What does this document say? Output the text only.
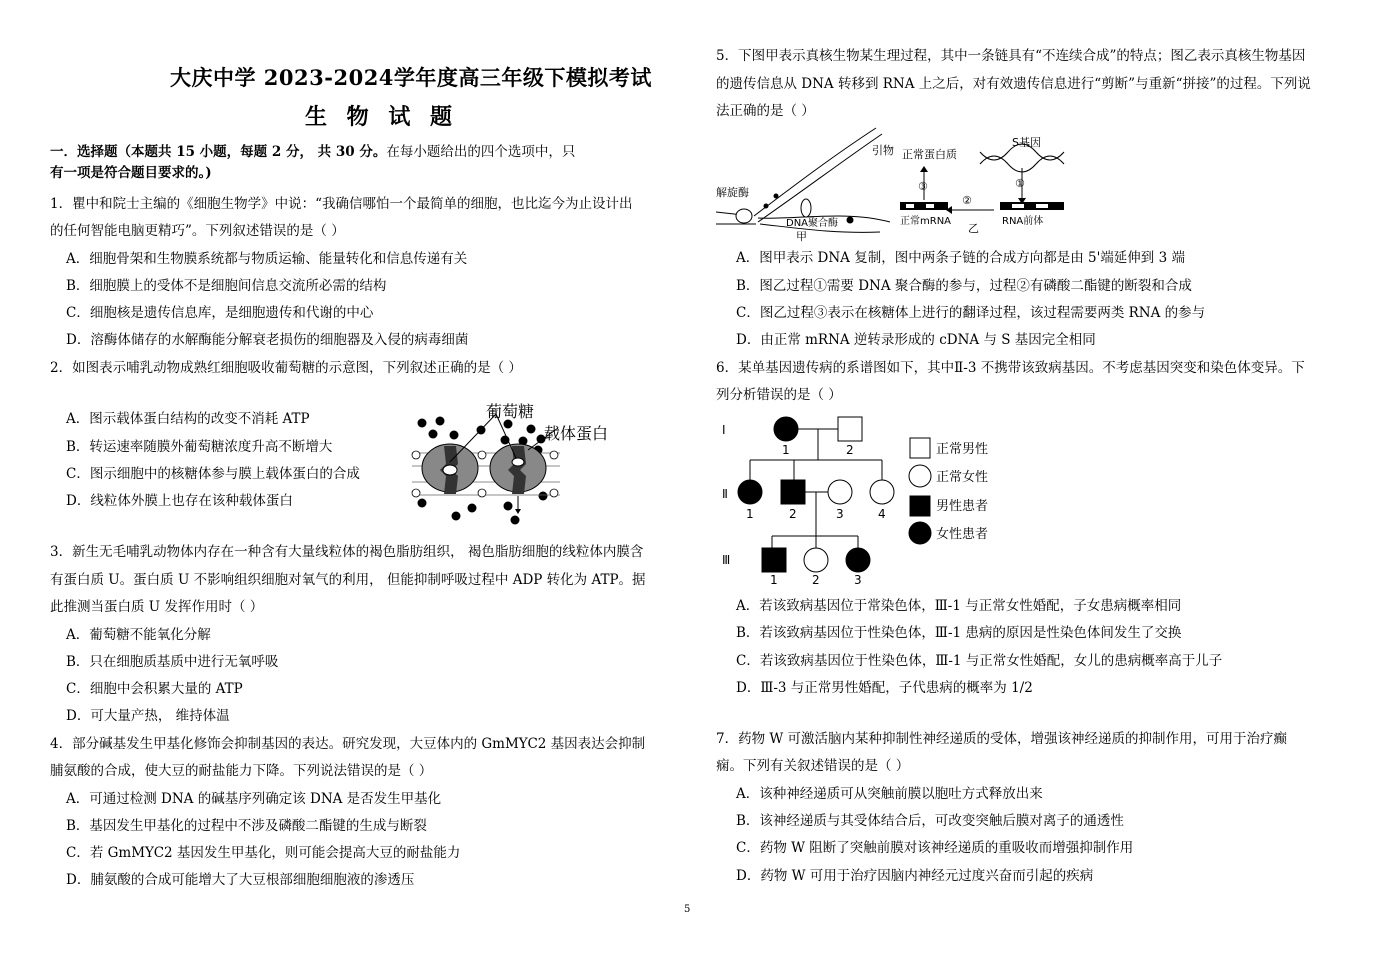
大庆中学 2023-2024学年度高三年级下模拟考试
生 物 试 题
一．选择题（本题共 15 小题，每题 2 分， 共 30 分。在每小题给出的四个选项中，只
有一项是符合题目要求的。)
1．瞿中和院士主编的《细胞生物学》中说：“我确信哪怕一个最简单的细胞，也比迄今为止设计出
的任何智能电脑更精巧”。下列叙述错误的是（ ）
A．细胞骨架和生物膜系统都与物质运输、能量转化和信息传递有关
B．细胞膜上的受体不是细胞间信息交流所必需的结构
C．细胞核是遗传信息库，是细胞遗传和代谢的中心
D．溶酶体储存的水解酶能分解衰老损伤的细胞器及入侵的病毒细菌
2．如图表示哺乳动物成熟红细胞吸收葡萄糖的示意图，下列叙述正确的是（ ）
A．图示载体蛋白结构的改变不消耗 ATP
B．转运速率随膜外葡萄糖浓度升高不断增大
C．图示细胞中的核糖体参与膜上载体蛋白的合成
D．线粒体外膜上也存在该种载体蛋白
3．新生无毛哺乳动物体内存在一种含有大量线粒体的褐色脂肪组织， 褐色脂肪细胞的线粒体内膜含
有蛋白质 U。蛋白质 U 不影响组织细胞对氧气的利用， 但能抑制呼吸过程中 ADP 转化为 ATP。据
此推测当蛋白质 U 发挥作用时（ ）
A．葡萄糖不能氧化分解
B．只在细胞质基质中进行无氧呼吸
C．细胞中会积累大量的 ATP
D．可大量产热， 维持体温
4．部分碱基发生甲基化修饰会抑制基因的表达。研究发现，大豆体内的 GmMYC2 基因表达会抑制
脯氨酸的合成，使大豆的耐盐能力下降。下列说法错误的是（ ）
A．可通过检测 DNA 的碱基序列确定该 DNA 是否发生甲基化
B．基因发生甲基化的过程中不涉及磷酸二酯键的生成与断裂
C．若 GmMYC2 基因发生甲基化，则可能会提高大豆的耐盐能力
D．脯氨酸的合成可能增大了大豆根部细胞细胞液的渗透压
葡萄糖
载体蛋白
5．下图甲表示真核生物某生理过程，其中一条链具有“不连续合成”的特点；图乙表示真核生物基因
的遗传信息从 DNA 转移到 RNA 上之后，对有效遗传信息进行“剪断”与重新“拼接”的过程。下列说
法正确的是（ ）
A．图甲表示 DNA 复制，图中两条子链的合成方向都是由 5'端延伸到 3 端
B．图乙过程①需要 DNA 聚合酶的参与，过程②有磷酸二酯键的断裂和合成
C．图乙过程③表示在核糖体上进行的翻译过程，该过程需要两类 RNA 的参与
D．由正常 mRNA 逆转录形成的 cDNA 与 S 基因完全相同
6．某单基因遗传病的系谱图如下，其中Ⅱ-3 不携带该致病基因。不考虑基因突变和染色体变异。下
列分析错误的是（ ）
A．若该致病基因位于常染色体，Ⅲ-1 与正常女性婚配，子女患病概率相同
B．若该致病基因位于性染色体，Ⅲ-1 患病的原因是性染色体间发生了交换
C．若该致病基因位于性染色体，Ⅲ-1 与正常女性婚配，女儿的患病概率高于儿子
D．Ⅲ-3 与正常男性婚配，子代患病的概率为 1/2
7．药物 W 可激活脑内某种抑制性神经递质的受体，增强该神经递质的抑制作用，可用于治疗癫
痫。下列有关叙述错误的是（ ）
A．该种神经递质可从突触前膜以胞吐方式释放出来
B．该神经递质与其受体结合后，可改变突触后膜对离子的通透性
C．药物 W 阻断了突触前膜对该神经递质的重吸收而增强抑制作用
D．药物 W 可用于治疗因脑内神经元过度兴奋而引起的疾病
引物
解旋酶
DNA聚合酶
甲
正常蛋白质
S基因
③
②
①
正常mRNA
乙
RNA前体
Ⅰ
Ⅱ
Ⅲ
1	2
1	2	3	4
1	2	3
正常男性
正常女性
男性患者
女性患者
5
